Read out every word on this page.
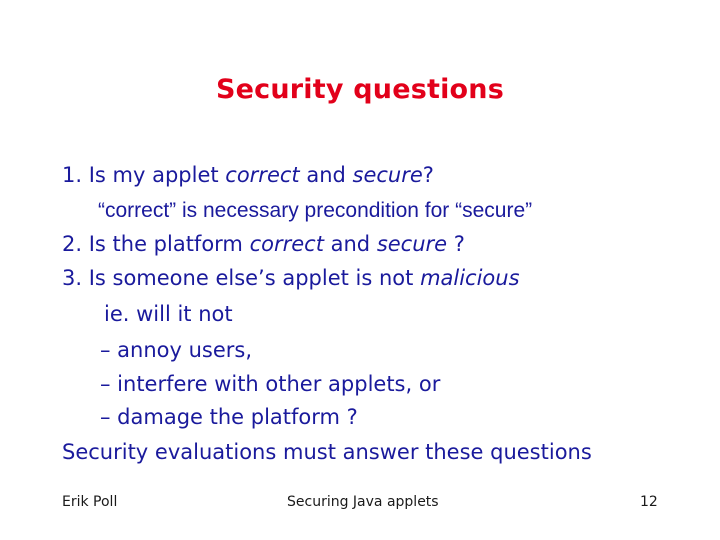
Security questions
1. Is my applet correct and secure?
“correct” is necessary precondition for “secure”
2. Is the platform correct and secure ?
3. Is someone else’s applet is not malicious
ie. will it not
– annoy users,
– interfere with other applets, or
– damage the platform ?
Security evaluations must answer these questions
Erik Poll	Securing Java applets	12
